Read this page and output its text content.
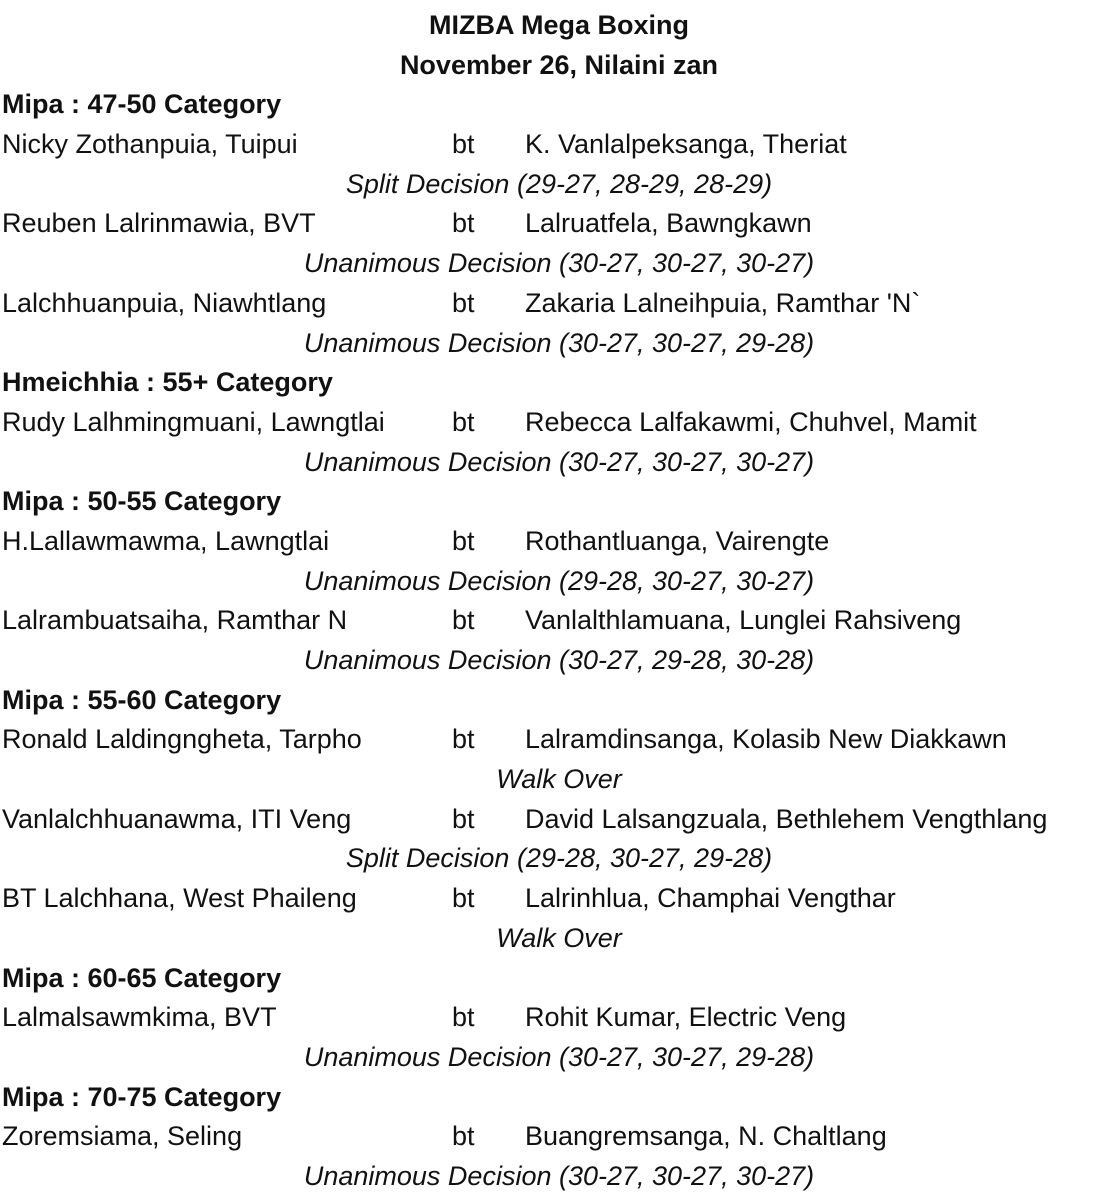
MIZBA Mega Boxing
November 26, Nilaini zan
Mipa : 47-50 Category
Nicky Zothanpuia, Tuipui	bt K. Vanlalpeksanga, Theriat
Split Decision (29-27, 28-29, 28-29)
Reuben Lalrinmawia, BVT	bt Lalruatfela, Bawngkawn
Unanimous Decision (30-27, 30-27, 30-27)
Lalchhuanpuia, Niawhtlang	bt Zakaria Lalneihpuia, Ramthar 'N`
Unanimous Decision (30-27, 30-27, 29-28)
Hmeichhia : 55+ Category
Rudy Lalhmingmuani, Lawngtlai bt Rebecca Lalfakawmi, Chuhvel, Mamit
Unanimous Decision (30-27, 30-27, 30-27)
Mipa : 50-55 Category
H.Lallawmawma, Lawngtlai	bt Rothantluanga, Vairengte
Unanimous Decision (29-28, 30-27, 30-27)
Lalrambuatsaiha, Ramthar N	bt Vanlalthlamuana, Lunglei Rahsiveng
Unanimous Decision (30-27, 29-28, 30-28)
Mipa : 55-60 Category
Ronald Laldingngheta, Tarpho	bt Lalramdinsanga, Kolasib New Diakkawn
Walk Over
Vanlalchhuanawma, ITI Veng	bt David Lalsangzuala, Bethlehem Vengthlang
Split Decision (29-28, 30-27, 29-28)
BT Lalchhana, West Phaileng	bt Lalrinhlua, Champhai Vengthar
Walk Over
Mipa : 60-65 Category
Lalmalsawmkima, BVT	bt Rohit Kumar, Electric Veng
Unanimous Decision (30-27, 30-27, 29-28)
Mipa : 70-75 Category
Zoremsiama, Seling	bt Buangremsanga, N. Chaltlang
Unanimous Decision (30-27, 30-27, 30-27)
